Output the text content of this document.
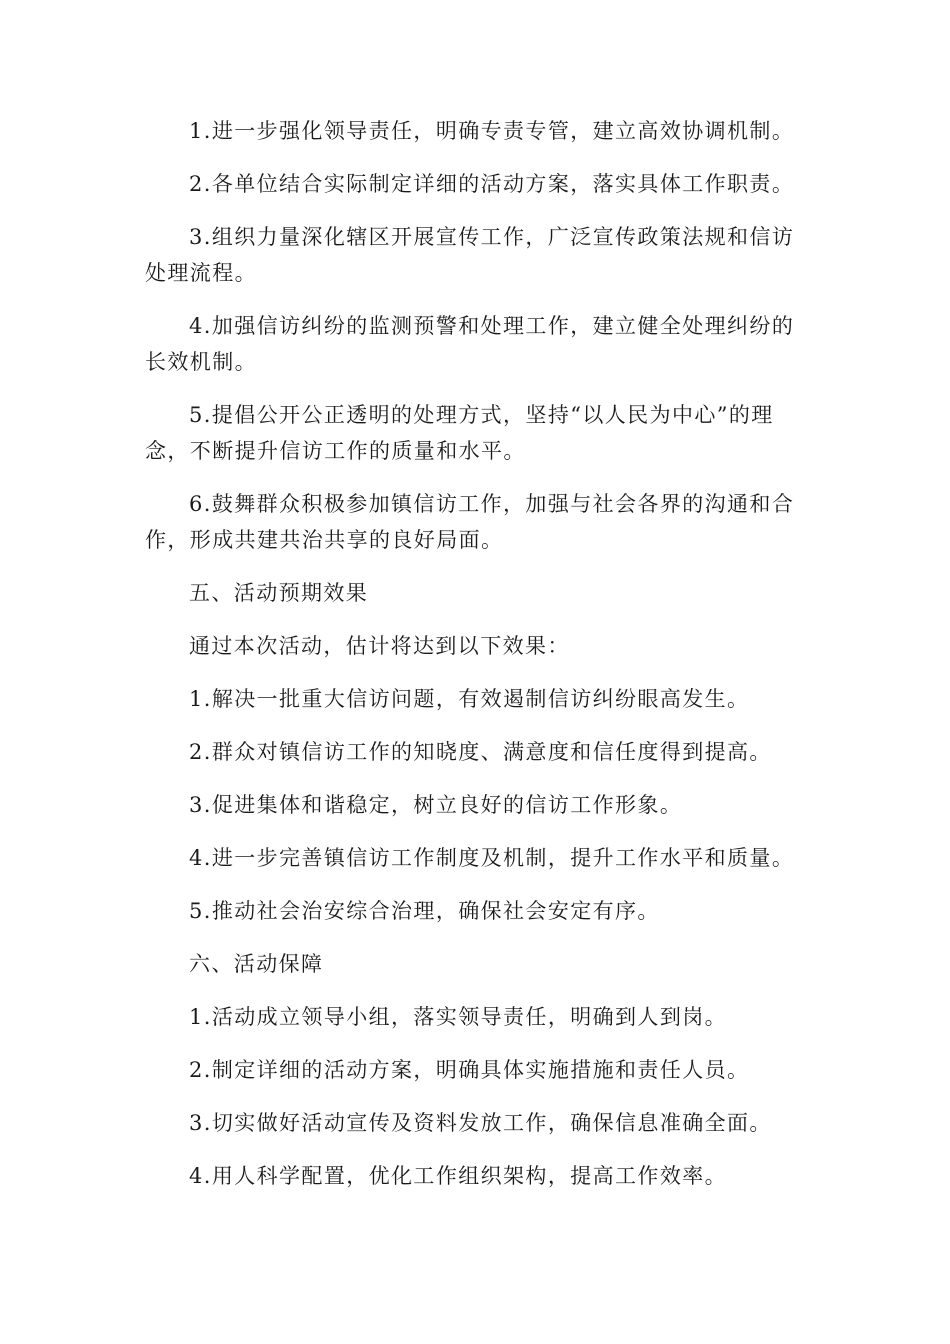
1.进一步强化领导责任，明确专责专管，建立高效协调机制。

2.各单位结合实际制定详细的活动方案，落实具体工作职责。

3.组织力量深化辖区开展宣传工作，广泛宣传政策法规和信访处理流程。

4.加强信访纠纷的监测预警和处理工作，建立健全处理纠纷的长效机制。

5.提倡公开公正透明的处理方式，坚持“以人民为中心”的理念，不断提升信访工作的质量和水平。

6.鼓舞群众积极参加镇信访工作，加强与社会各界的沟通和合作，形成共建共治共享的良好局面。

五、活动预期效果

通过本次活动，估计将达到以下效果：

1.解决一批重大信访问题，有效遏制信访纠纷眼高发生。

2.群众对镇信访工作的知晓度、满意度和信任度得到提高。

3.促进集体和谐稳定，树立良好的信访工作形象。

4.进一步完善镇信访工作制度及机制，提升工作水平和质量。

5.推动社会治安综合治理，确保社会安定有序。

六、活动保障

1.活动成立领导小组，落实领导责任，明确到人到岗。

2.制定详细的活动方案，明确具体实施措施和责任人员。

3.切实做好活动宣传及资料发放工作，确保信息准确全面。

4.用人科学配置，优化工作组织架构，提高工作效率。
